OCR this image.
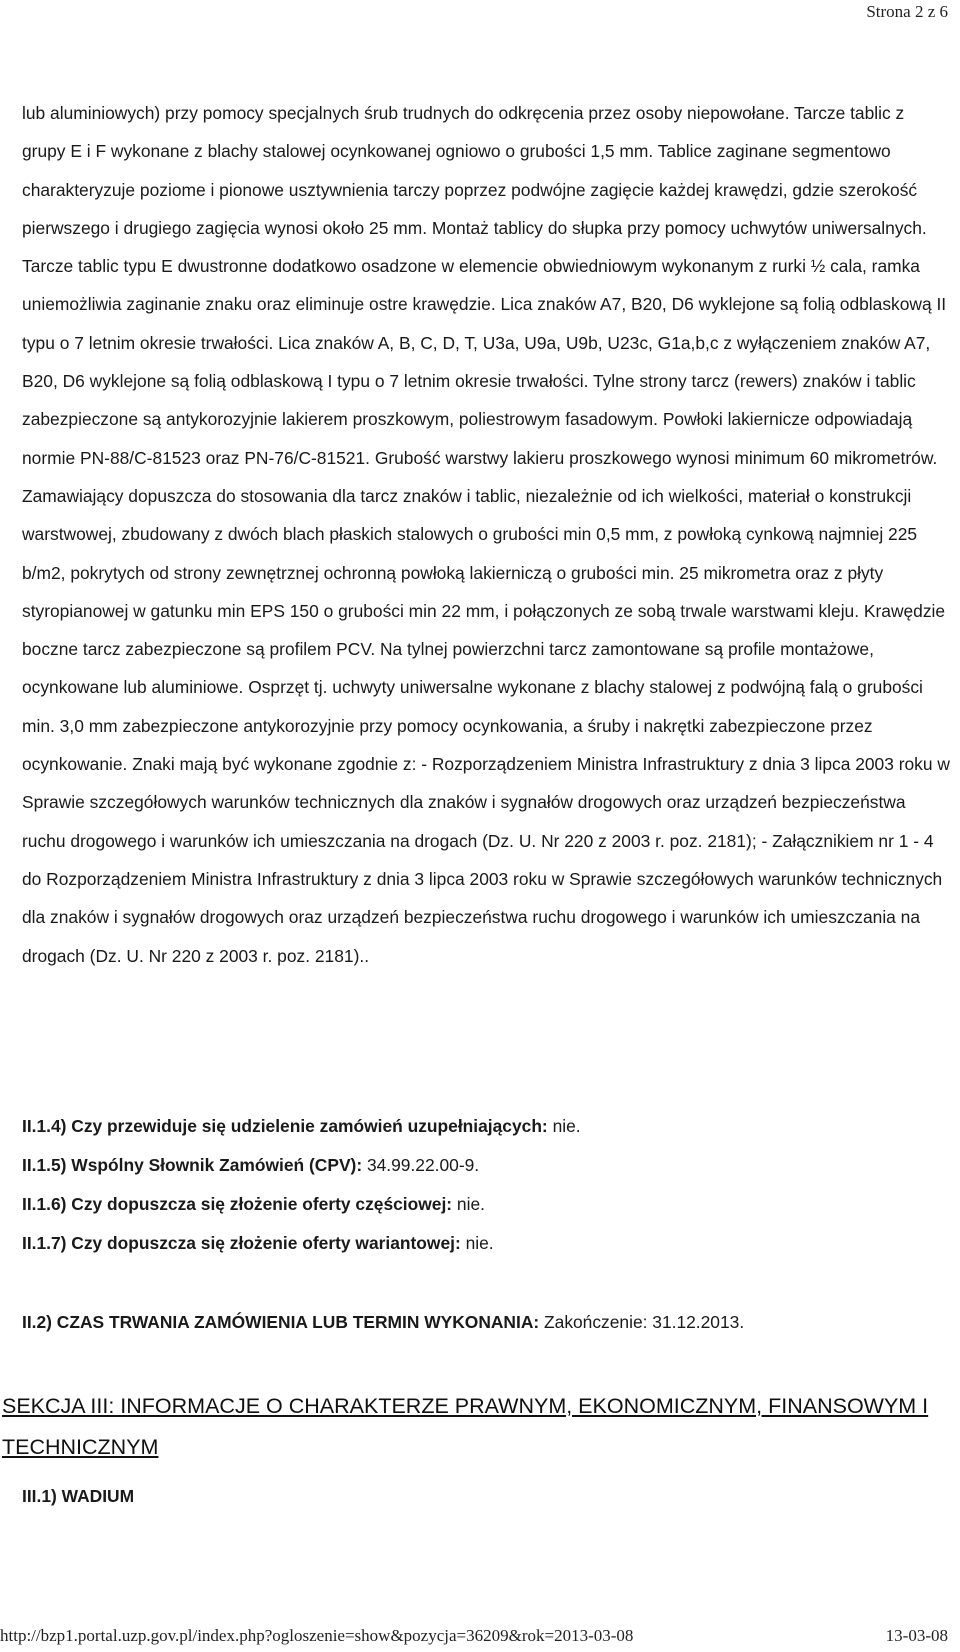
Strona 2 z 6

lub aluminiowych) przy pomocy specjalnych śrub trudnych do odkręcenia przez osoby niepowołane. Tarcze tablic z grupy E i F wykonane z blachy stalowej ocynkowanej ogniowo o grubości 1,5 mm. Tablice zaginane segmentowo charakteryzuje poziome i pionowe usztywnienia tarczy poprzez podwójne zagięcie każdej krawędzi, gdzie szerokość pierwszego i drugiego zagięcia wynosi około 25 mm. Montaż tablicy do słupka przy pomocy uchwytów uniwersalnych. Tarcze tablic typu E dwustronne dodatkowo osadzone w elemencie obwiedniowym wykonanym z rurki ½ cala, ramka uniemożliwia zaginanie znaku oraz eliminuje ostre krawędzie. Lica znaków A7, B20, D6 wyklejone są folią odblaskową II typu o 7 letnim okresie trwałości. Lica znaków A, B, C, D, T, U3a, U9a, U9b, U23c, G1a,b,c z wyłączeniem znaków A7, B20, D6 wyklejone są folią odblaskową I typu o 7 letnim okresie trwałości. Tylne strony tarcz (rewers) znaków i tablic zabezpieczone są antykorozyjnie lakierem proszkowym, poliestrowym fasadowym. Powłoki lakiernicze odpowiadają normie PN-88/C-81523 oraz PN-76/C-81521. Grubość warstwy lakieru proszkowego wynosi minimum 60 mikrometrów. Zamawiający dopuszcza do stosowania dla tarcz znaków i tablic, niezależnie od ich wielkości, materiał o konstrukcji warstwowej, zbudowany z dwóch blach płaskich stalowych o grubości min 0,5 mm, z powłoką cynkową najmniej 225 b/m2, pokrytych od strony zewnętrznej ochronną powłoką lakierniczą o grubości min. 25 mikrometra oraz z płyty styropianowej w gatunku min EPS 150 o grubości min 22 mm, i połączonych ze sobą trwale warstwami kleju. Krawędzie boczne tarcz zabezpieczone są profilem PCV. Na tylnej powierzchni tarcz zamontowane są profile montażowe, ocynkowane lub aluminiowe. Osprzęt tj. uchwyty uniwersalne wykonane z blachy stalowej z podwójną falą o grubości min. 3,0 mm zabezpieczone antykorozyjnie przy pomocy ocynkowania, a śruby i nakrętki zabezpieczone przez ocynkowanie. Znaki mają być wykonane zgodnie z: - Rozporządzeniem Ministra Infrastruktury z dnia 3 lipca 2003 roku w Sprawie szczegółowych warunków technicznych dla znaków i sygnałów drogowych oraz urządzeń bezpieczeństwa ruchu drogowego i warunków ich umieszczania na drogach (Dz. U. Nr 220 z 2003 r. poz. 2181); - Załącznikiem nr 1 - 4 do Rozporządzeniem Ministra Infrastruktury z dnia 3 lipca 2003 roku w Sprawie szczegółowych warunków technicznych dla znaków i sygnałów drogowych oraz urządzeń bezpieczeństwa ruchu drogowego i warunków ich umieszczania na drogach (Dz. U. Nr 220 z 2003 r. poz. 2181)..

II.1.4) Czy przewiduje się udzielenie zamówień uzupełniających: nie.
II.1.5) Wspólny Słownik Zamówień (CPV): 34.99.22.00-9.
II.1.6) Czy dopuszcza się złożenie oferty częściowej: nie.
II.1.7) Czy dopuszcza się złożenie oferty wariantowej: nie.
II.2) CZAS TRWANIA ZAMÓWIENIA LUB TERMIN WYKONANIA: Zakończenie: 31.12.2013.
SEKCJA III: INFORMACJE O CHARAKTERZE PRAWNYM, EKONOMICZNYM, FINANSOWYM I TECHNICZNYM
III.1) WADIUM
http://bzp1.portal.uzp.gov.pl/index.php?ogloszenie=show&pozycja=36209&rok=2013-03-08	13-03-08
